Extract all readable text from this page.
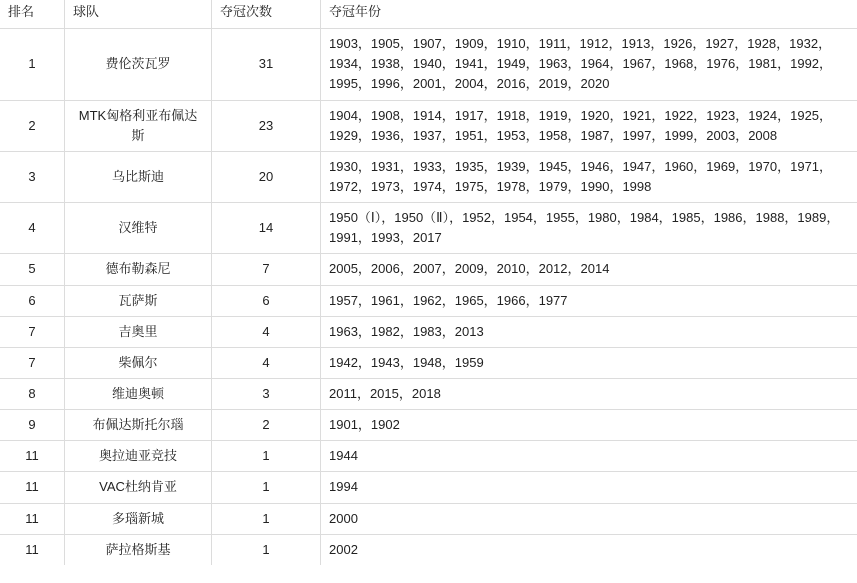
排名	球队	夺冠次数	夺冠年份
1	费伦茨瓦罗	31	1903，1905，1907，1909，1910，1911，1912，1913，1926，1927，1928，1932，1934，1938，1940，1941，1949，1963，1964，1967，1968，1976，1981，1992，1995，1996，2001，2004，2016，2019，2020
2	MTK匈格利亚布佩达斯	23	1904，1908，1914，1917，1918，1919，1920，1921，1922，1923，1924，1925，1929，1936，1937，1951，1953，1958，1987，1997，1999，2003，2008
3	乌比斯迪	20	1930，1931，1933，1935，1939，1945，1946，1947，1960，1969，1970，1971，1972，1973，1974，1975，1978，1979，1990，1998
4	汉维特	14	1950（Ⅰ），1950（Ⅱ），1952，1954，1955，1980，1984，1985，1986，1988，1989，1991，1993，2017
5	德布勒森尼	7	2005，2006，2007，2009，2010，2012，2014
6	瓦萨斯	6	1957，1961，1962，1965，1966，1977
7	吉奥里	4	1963，1982，1983，2013
7	柴佩尔	4	1942，1943，1948，1959
8	维迪奥顿	3	2011，2015，2018
9	布佩达斯托尔瑙	2	1901，1902
11	奥拉迪亚竞技	1	1944
11	VAC杜纳肯亚	1	1994
11	多瑙新城	1	2000
11	萨拉格斯基	1	2002
